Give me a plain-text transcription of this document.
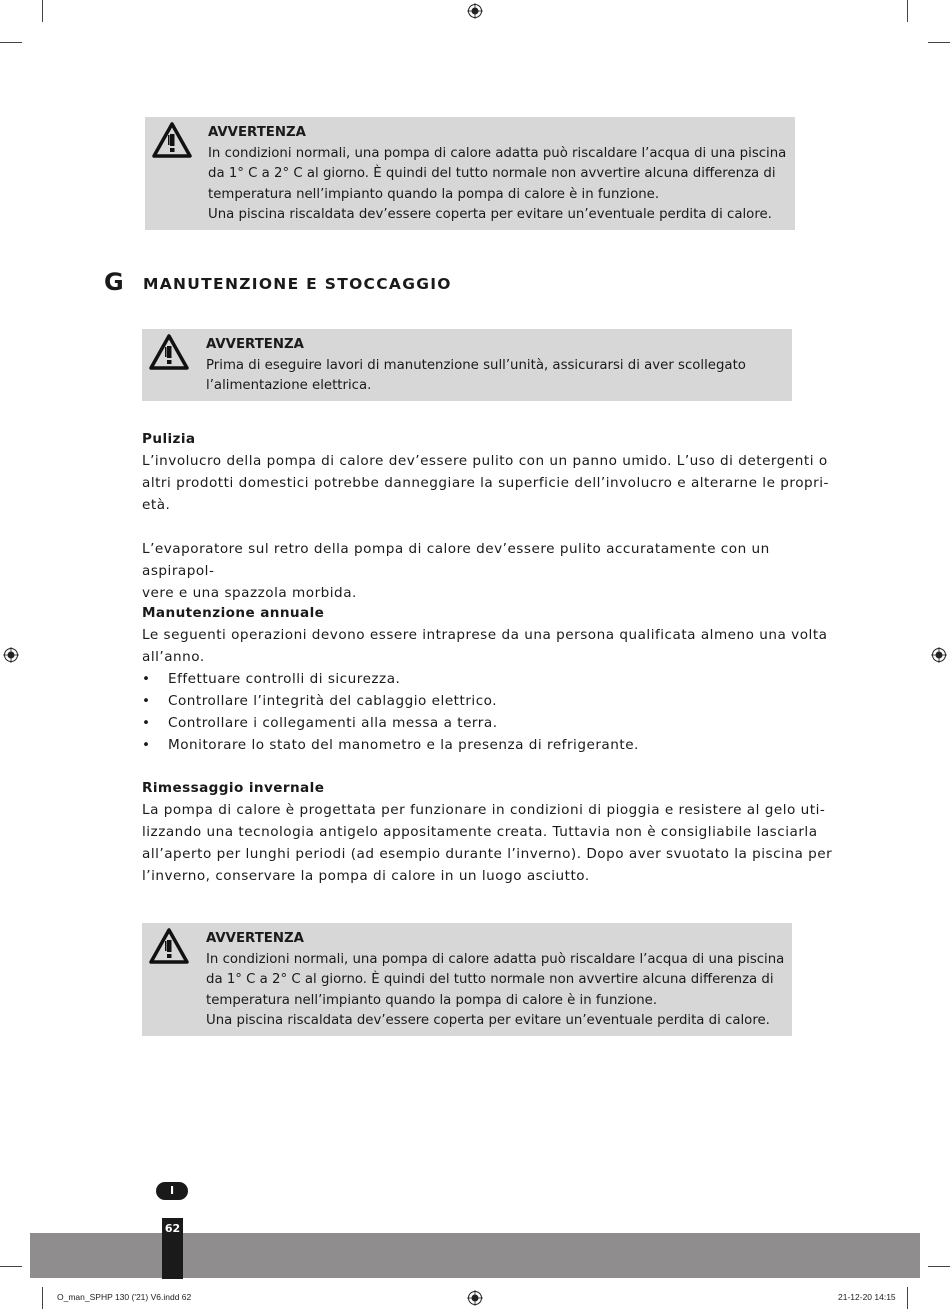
AVVERTENZA
In condizioni normali, una pompa di calore adatta può riscaldare l’acqua di una piscina
da 1° C a 2° C al giorno. È quindi del tutto normale non avvertire alcuna differenza di
temperatura nell’impianto quando la pompa di calore è in funzione.
Una piscina riscaldata dev’essere coperta per evitare un’eventuale perdita di calore.
G MANUTENZIONE E STOCCAGGIO
AVVERTENZA
Prima di eseguire lavori di manutenzione sull’unità, assicurarsi di aver scollegato
l’alimentazione elettrica.
Pulizia
L’involucro della pompa di calore dev’essere pulito con un panno umido. L’uso di detergenti o
altri prodotti domestici potrebbe danneggiare la superficie dell’involucro e alterarne le propri-
età.
L’evaporatore sul retro della pompa di calore dev’essere pulito accuratamente con un aspirapol-
vere e una spazzola morbida.
Manutenzione annuale
Le seguenti operazioni devono essere intraprese da una persona qualificata almeno una volta
all’anno.
• Effettuare controlli di sicurezza.
• Controllare l’integrità del cablaggio elettrico.
• Controllare i collegamenti alla messa a terra.
• Monitorare lo stato del manometro e la presenza di refrigerante.
Rimessaggio invernale
La pompa di calore è progettata per funzionare in condizioni di pioggia e resistere al gelo uti-
lizzando una tecnologia antigelo appositamente creata. Tuttavia non è consigliabile lasciarla
all’aperto per lunghi periodi (ad esempio durante l’inverno). Dopo aver svuotato la piscina per
l’inverno, conservare la pompa di calore in un luogo asciutto.
AVVERTENZA
In condizioni normali, una pompa di calore adatta può riscaldare l’acqua di una piscina
da 1° C a 2° C al giorno. È quindi del tutto normale non avvertire alcuna differenza di
temperatura nell’impianto quando la pompa di calore è in funzione.
Una piscina riscaldata dev’essere coperta per evitare un’eventuale perdita di calore.
I
62
O_man_SPHP 130 ('21) V6.indd 62	21-12-20 14:15
